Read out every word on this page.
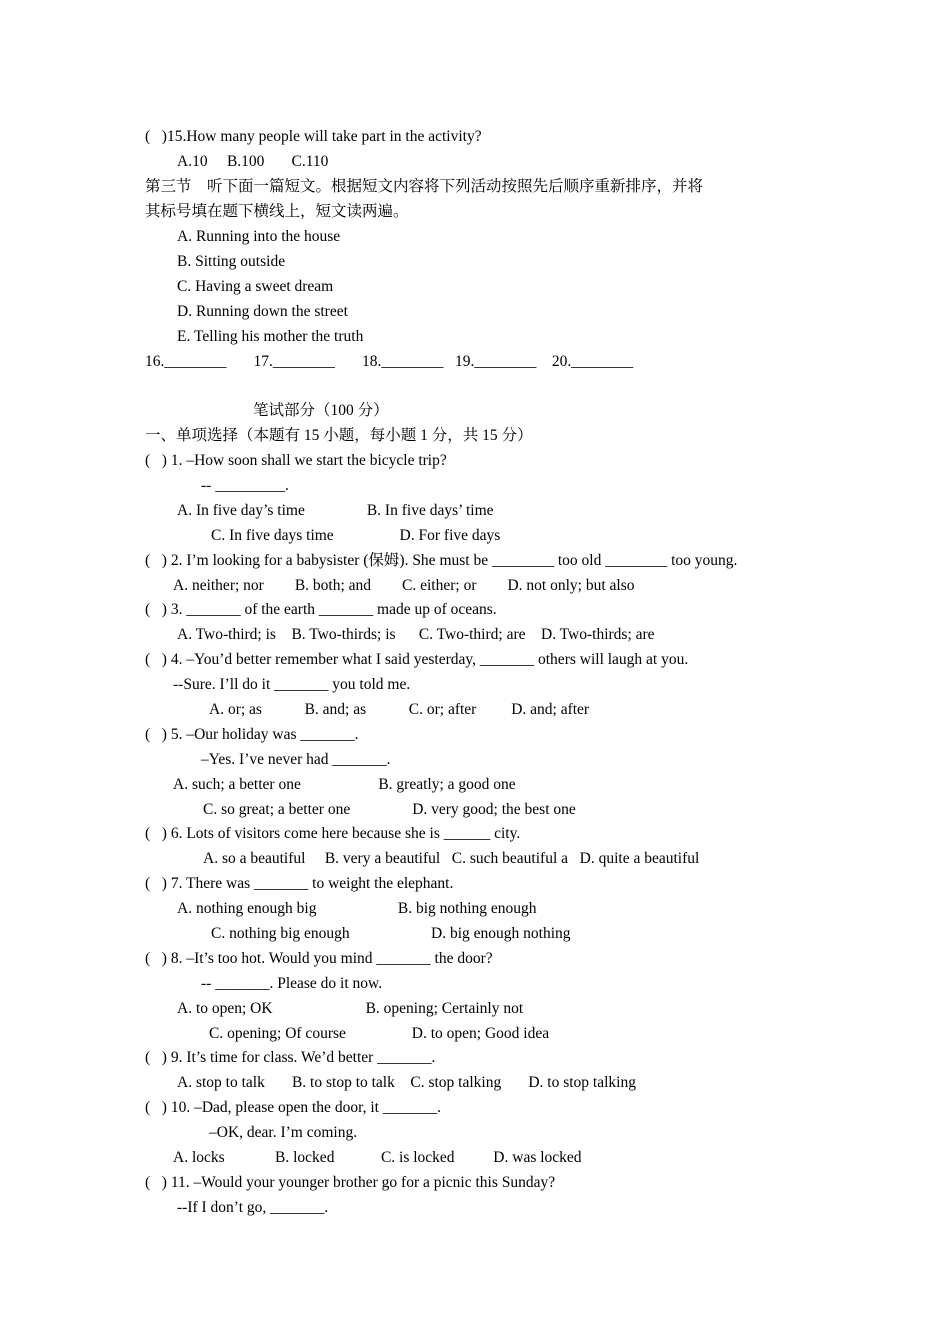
(   )15.How many people will take part in the activity?
A.10     B.100       C.110
第三节    听下面一篇短文。根据短文内容将下列活动按照先后顺序重新排序，并将
其标号填在题下横线上，短文读两遍。
A. Running into the house
B. Sitting outside
C. Having a sweet dream
D. Running down the street
E. Telling his mother the truth
16.________       17.________       18.________   19.________    20.________
笔试部分（100 分）
一、单项选择（本题有 15 小题，每小题 1 分，共 15 分）
(   ) 1. –How soon shall we start the bicycle trip?
-- _________.
A. In five day’s time                B. In five days’ time
C. In five days time                 D. For five days
(   ) 2. I’m looking for a babysister (保姆). She must be ________ too old ________ too young.
A. neither; nor        B. both; and        C. either; or        D. not only; but also
(   ) 3. _______ of the earth _______ made up of oceans.
A. Two-third; is    B. Two-thirds; is      C. Two-third; are    D. Two-thirds; are
(   ) 4. –You’d better remember what I said yesterday, _______ others will laugh at you.
--Sure. I’ll do it _______ you told me.
A. or; as           B. and; as           C. or; after         D. and; after
(   ) 5. –Our holiday was _______.
–Yes. I’ve never had _______.
A. such; a better one                    B. greatly; a good one
C. so great; a better one                D. very good; the best one
(   ) 6. Lots of visitors come here because she is ______ city.
A. so a beautiful     B. very a beautiful   C. such beautiful a   D. quite a beautiful
(   ) 7. There was _______ to weight the elephant.
A. nothing enough big                     B. big nothing enough
C. nothing big enough                     D. big enough nothing
(   ) 8. –It’s too hot. Would you mind _______ the door?
-- _______. Please do it now.
A. to open; OK                        B. opening; Certainly not
C. opening; Of course                 D. to open; Good idea
(   ) 9. It’s time for class. We’d better _______.
A. stop to talk       B. to stop to talk    C. stop talking       D. to stop talking
(   ) 10. –Dad, please open the door, it _______.
–OK, dear. I’m coming.
A. locks             B. locked            C. is locked          D. was locked
(   ) 11. –Would your younger brother go for a picnic this Sunday?
--If I don’t go, _______.
